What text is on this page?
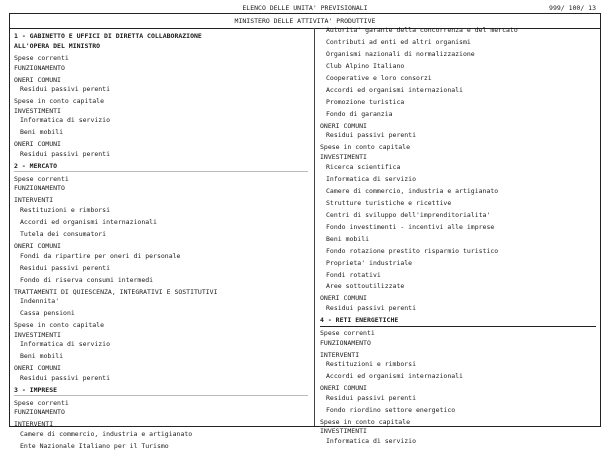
ELENCO DELLE UNITA' PREVISIONALI	999/ 100/ 13
MINISTERO DELLE ATTIVITA' PRODUTTIVE
1 - GABINETTO E UFFICI DI DIRETTA COLLABORAZIONE
ALL'OPERA DEL MINISTRO
Spese correnti
FUNZIONAMENTO
ONERI COMUNI
Residui passivi perenti
Spese in conto capitale
INVESTIMENTI
Informatica di servizio
Beni mobili
ONERI COMUNI
Residui passivi perenti
2 - MERCATO
Spese correnti
FUNZIONAMENTO
INTERVENTI
Restituzioni e rimborsi
Accordi ed organismi internazionali
Tutela dei consumatori
ONERI COMUNI
Fondi da ripartire per oneri di personale
Residui passivi perenti
Fondo di riserva consumi intermedi
TRATTAMENTI DI QUIESCENZA, INTEGRATIVI E SOSTITUTIVI
Indennita'
Cassa pensioni
Spese in conto capitale
INVESTIMENTI
Informatica di servizio
Beni mobili
ONERI COMUNI
Residui passivi perenti
3 - IMPRESE
Spese correnti
FUNZIONAMENTO
INTERVENTI
Camere di commercio, industria e artigianato
Ente Nazionale Italiano per il Turismo
Autorita' garante della concorrenza e del mercato
Contributi ad enti ed altri organismi
Organismi nazionali di normalizzazione
Club Alpino Italiano
Cooperative e loro consorzi
Accordi ed organismi internazionali
Promozione turistica
Fondo di garanzia
ONERI COMUNI
Residui passivi perenti
Spese in conto capitale
INVESTIMENTI
Ricerca scientifica
Informatica di servizio
Camere di commercio, industria e artigianato
Strutture turistiche e ricettive
Centri di sviluppo dell'imprenditorialita'
Fondo investimenti - incentivi alle imprese
Beni mobili
Fondo rotazione prestito risparmio turistico
Proprieta' industriale
Fondi rotativi
Aree sottoutilizzate
ONERI COMUNI
Residui passivi perenti
4 - RETI ENERGETICHE
Spese correnti
FUNZIONAMENTO
INTERVENTI
Restituzioni e rimborsi
Accordi ed organismi internazionali
ONERI COMUNI
Residui passivi perenti
Fondo riordino settore energetico
Spese in conto capitale
INVESTIMENTI
Informatica di servizio
